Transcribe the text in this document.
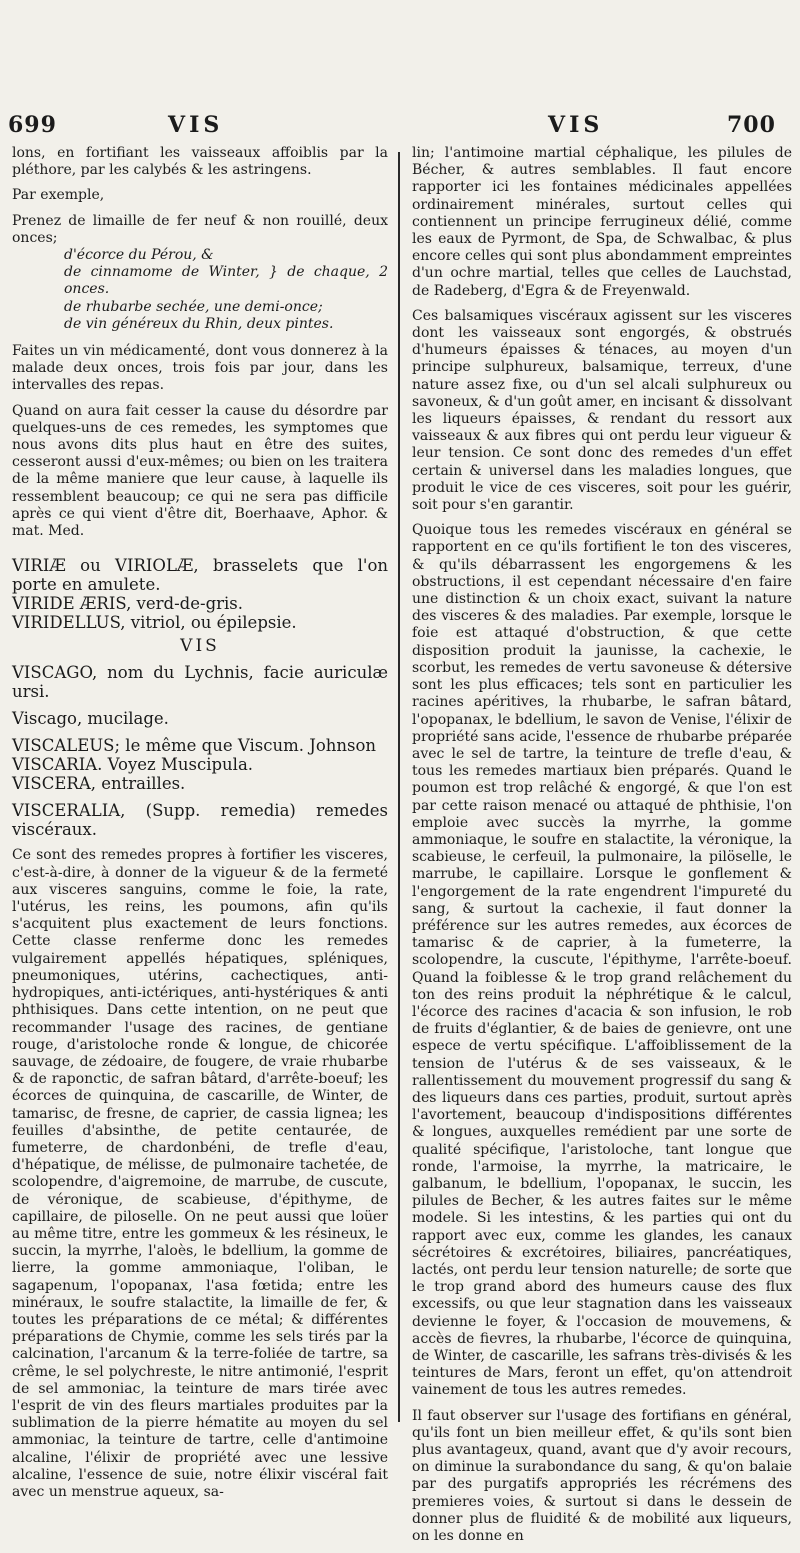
699	VIS	VIS	700

lons, en fortifiant les vaisseaux affoiblis par la pléthore, par les calybés & les astringens.

Par exemple,

Prenez de limaille de fer neuf & non rouillé, deux onces;
d'écorce du Pérou, &
de cinnamome de Winter, } de chaque, 2 onces.
de rhubarbe sechée, une demi-once;
de vin généreux du Rhin, deux pintes.

Faites un vin médicamenté, dont vous donnerez à la malade deux onces, trois fois par jour, dans les intervalles des repas.

Quand on aura fait cesser la cause du désordre par quelques-uns de ces remedes, les symptomes que nous avons dits plus haut en être des suites, cesseront aussi d'eux-mêmes; ou bien on les traitera de la même maniere que leur cause, à laquelle ils ressemblent beaucoup; ce qui ne sera pas difficile après ce qui vient d'être dit, Boerhaave, Aphor. & mat. Med.

VIRIÆ ou VIRIOLÆ, brasselets que l'on porte en amulete.

VIRIDE ÆRIS, verd-de-gris.

VIRIDELLUS, vitriol, ou épilepsie.

VIS

VISCAGO, nom du Lychnis, facie auriculæ ursi.

Viscago, mucilage.

VISCALEUS; le même que Viscum. Johnson

VISCARIA. Voyez Muscipula.

VISCERA, entrailles.

VISCERALIA, (Supp. remedia) remedes viscéraux.

Ce sont des remedes propres à fortifier les visceres, c'est-à-dire, à donner de la vigueur & de la fermeté aux visceres sanguins, comme le foie, la rate, l'utérus, les reins, les poumons, afin qu'ils s'acquitent plus exactement de leurs fonctions. Cette classe renferme donc les remedes vulgairement appellés hépatiques, spléniques, pneumoniques, utérins, cachectiques, anti-hydropiques, anti-ictériques, anti-hystériques & anti phthisiques. Dans cette intention, on ne peut que recommander l'usage des racines, de gentiane rouge, d'aristoloche ronde & longue, de chicorée sauvage, de zédoaire, de fougere, de vraie rhubarbe & de raponctic, de safran bâtard, d'arrête-boeuf; les écorces de quinquina, de cascarille, de Winter, de tamarisc, de fresne, de caprier, de cassia lignea; les feuilles d'absinthe, de petite centaurée, de fumeterre, de chardonbéni, de trefle d'eau, d'hépatique, de mélisse, de pulmonaire tachetée, de scolopendre, d'aigremoine, de marrube, de cuscute, de véronique, de scabieuse, d'épithyme, de capillaire, de piloselle. On ne peut aussi que loüer au même titre, entre les gommeux & les résineux, le succin, la myrrhe, l'aloès, le bdellium, la gomme de lierre, la gomme ammoniaque, l'oliban, le sagapenum, l'opopanax, l'asa fœtida; entre les minéraux, le soufre stalactite, la limaille de fer, & toutes les préparations de ce métal; & différentes préparations de Chymie, comme les sels tirés par la calcination, l'arcanum & la terre-foliée de tartre, sa crême, le sel polychreste, le nitre antimonié, l'esprit de sel ammoniac, la teinture de mars tirée avec l'esprit de vin des fleurs martiales produites par la sublimation de la pierre hématite au moyen du sel ammoniac, la teinture de tartre, celle d'antimoine alcaline, l'élixir de propriété avec une lessive alcaline, l'essence de suie, notre élixir viscéral fait avec un menstrue aqueux, sa-

lin; l'antimoine martial céphalique, les pilules de Bécher, & autres semblables. Il faut encore rapporter ici les fontaines médicinales appellées ordinairement minérales, surtout celles qui contiennent un principe ferrugineux délié, comme les eaux de Pyrmont, de Spa, de Schwalbac, & plus encore celles qui sont plus abondamment empreintes d'un ochre martial, telles que celles de Lauchstad, de Radeberg, d'Egra & de Freyenwald.

Ces balsamiques viscéraux agissent sur les visceres dont les vaisseaux sont engorgés, & obstrués d'humeurs épaisses & ténaces, au moyen d'un principe sulphureux, balsamique, terreux, d'une nature assez fixe, ou d'un sel alcali sulphureux ou savoneux, & d'un goût amer, en incisant & dissolvant les liqueurs épaisses, & rendant du ressort aux vaisseaux & aux fibres qui ont perdu leur vigueur & leur tension. Ce sont donc des remedes d'un effet certain & universel dans les maladies longues, que produit le vice de ces visceres, soit pour les guérir, soit pour s'en garantir.

Quoique tous les remedes viscéraux en général se rapportent en ce qu'ils fortifient le ton des visceres, & qu'ils débarrassent les engorgemens & les obstructions, il est cependant nécessaire d'en faire une distinction & un choix exact, suivant la nature des visceres & des maladies. Par exemple, lorsque le foie est attaqué d'obstruction, & que cette disposition produit la jaunisse, la cachexie, le scorbut, les remedes de vertu savoneuse & détersive sont les plus efficaces; tels sont en particulier les racines apéritives, la rhubarbe, le safran bâtard, l'opopanax, le bdellium, le savon de Venise, l'élixir de propriété sans acide, l'essence de rhubarbe préparée avec le sel de tartre, la teinture de trefle d'eau, & tous les remedes martiaux bien préparés. Quand le poumon est trop relâché & engorgé, & que l'on est par cette raison menacé ou attaqué de phthisie, l'on emploie avec succès la myrrhe, la gomme ammoniaque, le soufre en stalactite, la véronique, la scabieuse, le cerfeuil, la pulmonaire, la pilöselle, le marrube, le capillaire. Lorsque le gonflement & l'engorgement de la rate engendrent l'impureté du sang, & surtout la cachexie, il faut donner la préférence sur les autres remedes, aux écorces de tamarisc & de caprier, à la fumeterre, la scolopendre, la cuscute, l'épithyme, l'arrête-boeuf. Quand la foiblesse & le trop grand relâchement du ton des reins produit la néphrétique & le calcul, l'écorce des racines d'acacia & son infusion, le rob de fruits d'églantier, & de baies de genievre, ont une espece de vertu spécifique. L'affoiblissement de la tension de l'utérus & de ses vaisseaux, & le rallentissement du mouvement progressif du sang & des liqueurs dans ces parties, produit, surtout après l'avortement, beaucoup d'indispositions différentes & longues, auxquelles remédient par une sorte de qualité spécifique, l'aristoloche, tant longue que ronde, l'armoise, la myrrhe, la matricaire, le galbanum, le bdellium, l'opopanax, le succin, les pilules de Becher, & les autres faites sur le même modele. Si les intestins, & les parties qui ont du rapport avec eux, comme les glandes, les canaux sécrétoires & excrétoires, biliaires, pancréatiques, lactés, ont perdu leur tension naturelle; de sorte que le trop grand abord des humeurs cause des flux excessifs, ou que leur stagnation dans les vaisseaux devienne le foyer, & l'occasion de mouvemens, & accès de fievres, la rhubarbe, l'écorce de quinquina, de Winter, de cascarille, les safrans très-divisés & les teintures de Mars, feront un effet, qu'on attendroit vainement de tous les autres remedes.

Il faut observer sur l'usage des fortifians en général, qu'ils font un bien meilleur effet, & qu'ils sont bien plus avantageux, quand, avant que d'y avoir recours, on diminue la surabondance du sang, & qu'on balaie par des purgatifs appropriés les récrémens des premieres voies, & surtout si dans le dessein de donner plus de fluidité & de mobilité aux liqueurs, on les donne en
